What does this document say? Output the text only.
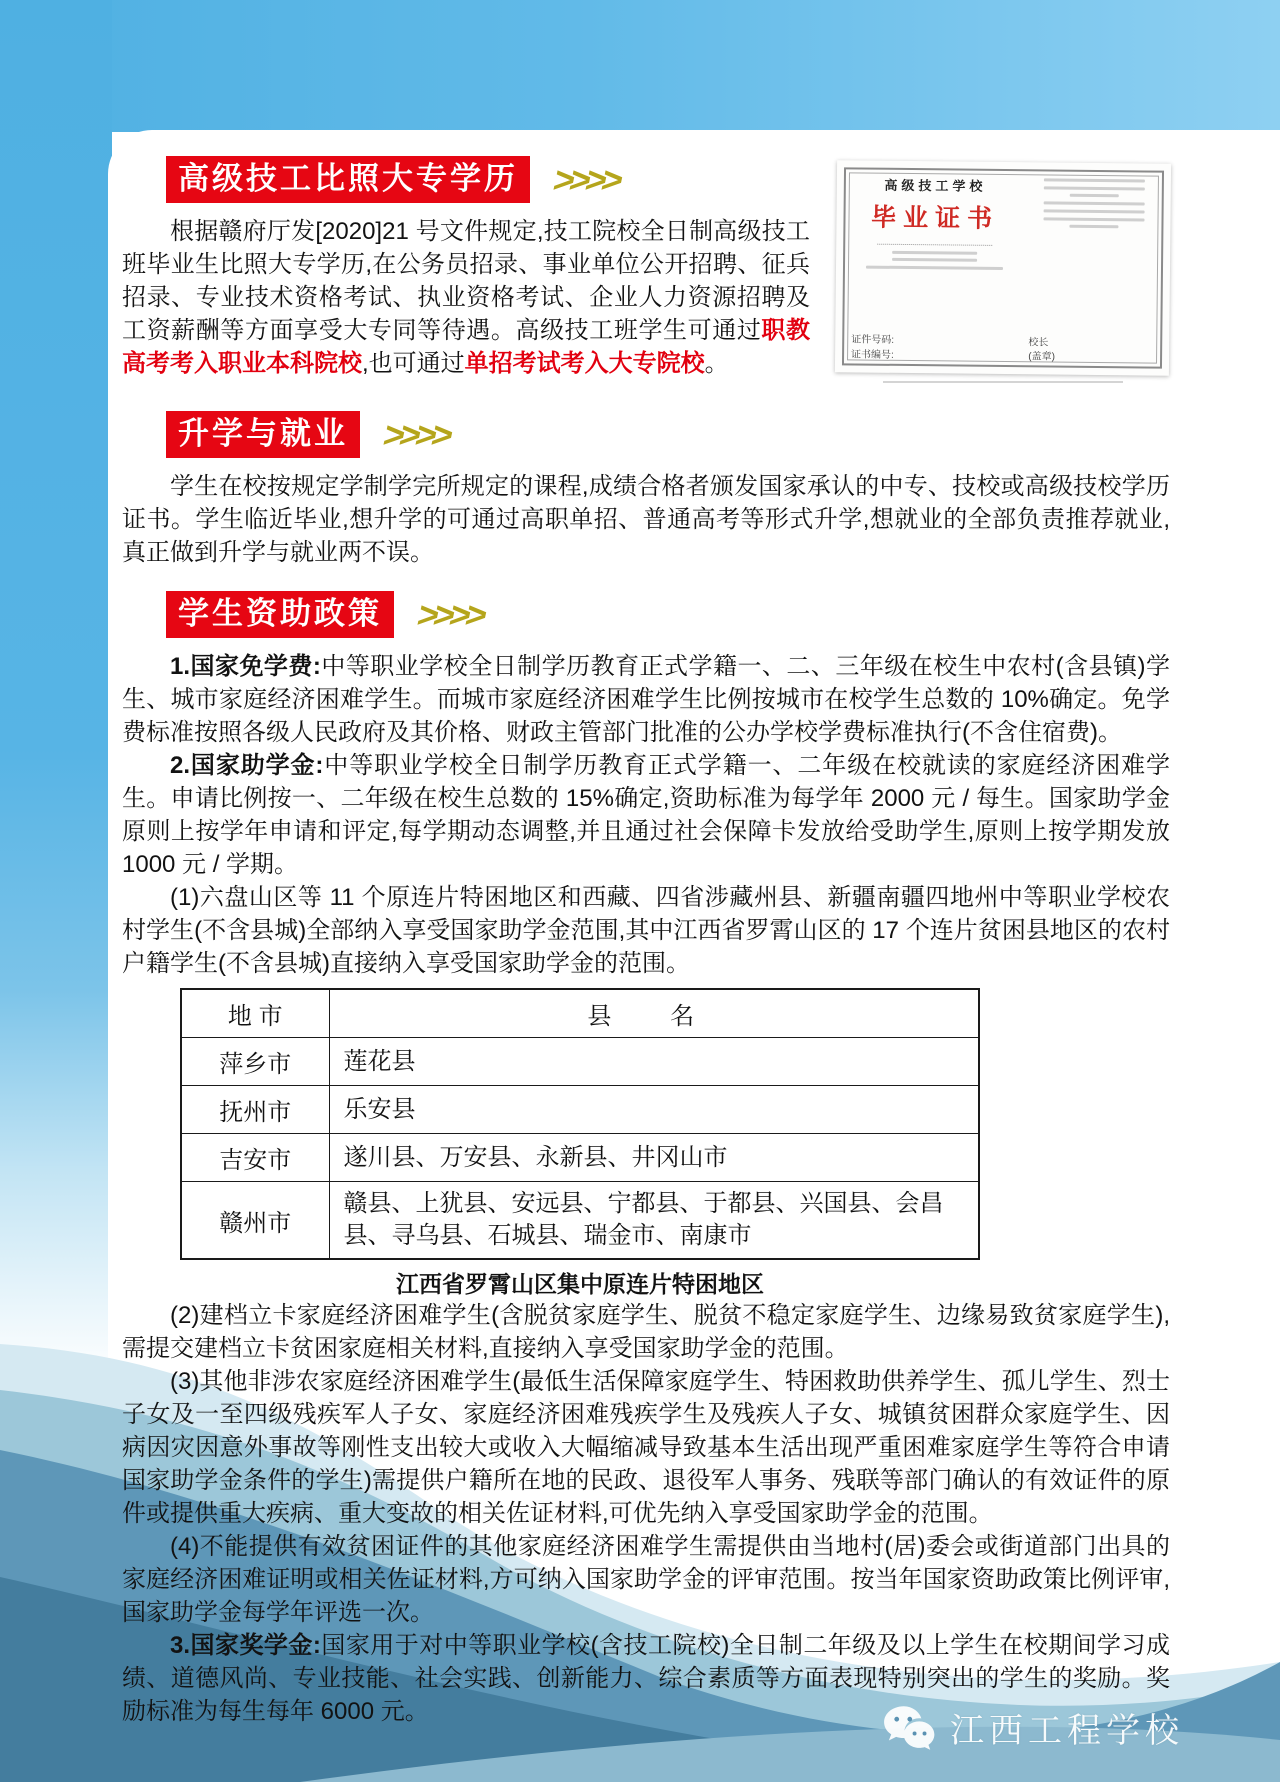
高级技工学校
毕业证书
证件号码:
证书编号:
校长
(盖章)
高级技工比照大专学历 >>>>

根据赣府厅发[2020]21 号文件规定,技工院校全日制高级技工班毕业生比照大专学历,在公务员招录、事业单位公开招聘、征兵招录、专业技术资格考试、执业资格考试、企业人力资源招聘及工资薪酬等方面享受大专同等待遇。高级技工班学生可通过职教高考考入职业本科院校,也可通过单招考试考入大专院校。

升学与就业 >>>>

学生在校按规定学制学完所规定的课程,成绩合格者颁发国家承认的中专、技校或高级技校学历证书。学生临近毕业,想升学的可通过高职单招、普通高考等形式升学,想就业的全部负责推荐就业,真正做到升学与就业两不误。

学生资助政策 >>>>

1.国家免学费:中等职业学校全日制学历教育正式学籍一、二、三年级在校生中农村(含县镇)学生、城市家庭经济困难学生。而城市家庭经济困难学生比例按城市在校学生总数的 10%确定。免学费标准按照各级人民政府及其价格、财政主管部门批准的公办学校学费标准执行(不含住宿费)。

2.国家助学金:中等职业学校全日制学历教育正式学籍一、二年级在校就读的家庭经济困难学生。申请比例按一、二年级在校生总数的 15%确定,资助标准为每学年 2000 元 / 每生。国家助学金原则上按学年申请和评定,每学期动态调整,并且通过社会保障卡发放给受助学生,原则上按学期发放 1000 元 / 学期。

(1)六盘山区等 11 个原连片特困地区和西藏、四省涉藏州县、新疆南疆四地州中等职业学校农村学生(不含县城)全部纳入享受国家助学金范围,其中江西省罗霄山区的 17 个连片贫困县地区的农村户籍学生(不含县城)直接纳入享受国家助学金的范围。

地 市	县 名
萍乡市	莲花县
抚州市	乐安县
吉安市	遂川县、万安县、永新县、井冈山市
赣州市	赣县、上犹县、安远县、宁都县、于都县、兴国县、会昌县、寻乌县、石城县、瑞金市、南康市
江西省罗霄山区集中原连片特困地区

(2)建档立卡家庭经济困难学生(含脱贫家庭学生、脱贫不稳定家庭学生、边缘易致贫家庭学生),需提交建档立卡贫困家庭相关材料,直接纳入享受国家助学金的范围。

(3)其他非涉农家庭经济困难学生(最低生活保障家庭学生、特困救助供养学生、孤儿学生、烈士子女及一至四级残疾军人子女、家庭经济困难残疾学生及残疾人子女、城镇贫困群众家庭学生、因病因灾因意外事故等刚性支出较大或收入大幅缩减导致基本生活出现严重困难家庭学生等符合申请国家助学金条件的学生)需提供户籍所在地的民政、退役军人事务、残联等部门确认的有效证件的原件或提供重大疾病、重大变故的相关佐证材料,可优先纳入享受国家助学金的范围。

(4)不能提供有效贫困证件的其他家庭经济困难学生需提供由当地村(居)委会或街道部门出具的家庭经济困难证明或相关佐证材料,方可纳入国家助学金的评审范围。按当年国家资助政策比例评审,国家助学金每学年评选一次。

3.国家奖学金:国家用于对中等职业学校(含技工院校)全日制二年级及以上学生在校期间学习成绩、道德风尚、专业技能、社会实践、创新能力、综合素质等方面表现特别突出的学生的奖励。奖励标准为每生每年 6000 元。

江西工程学校
